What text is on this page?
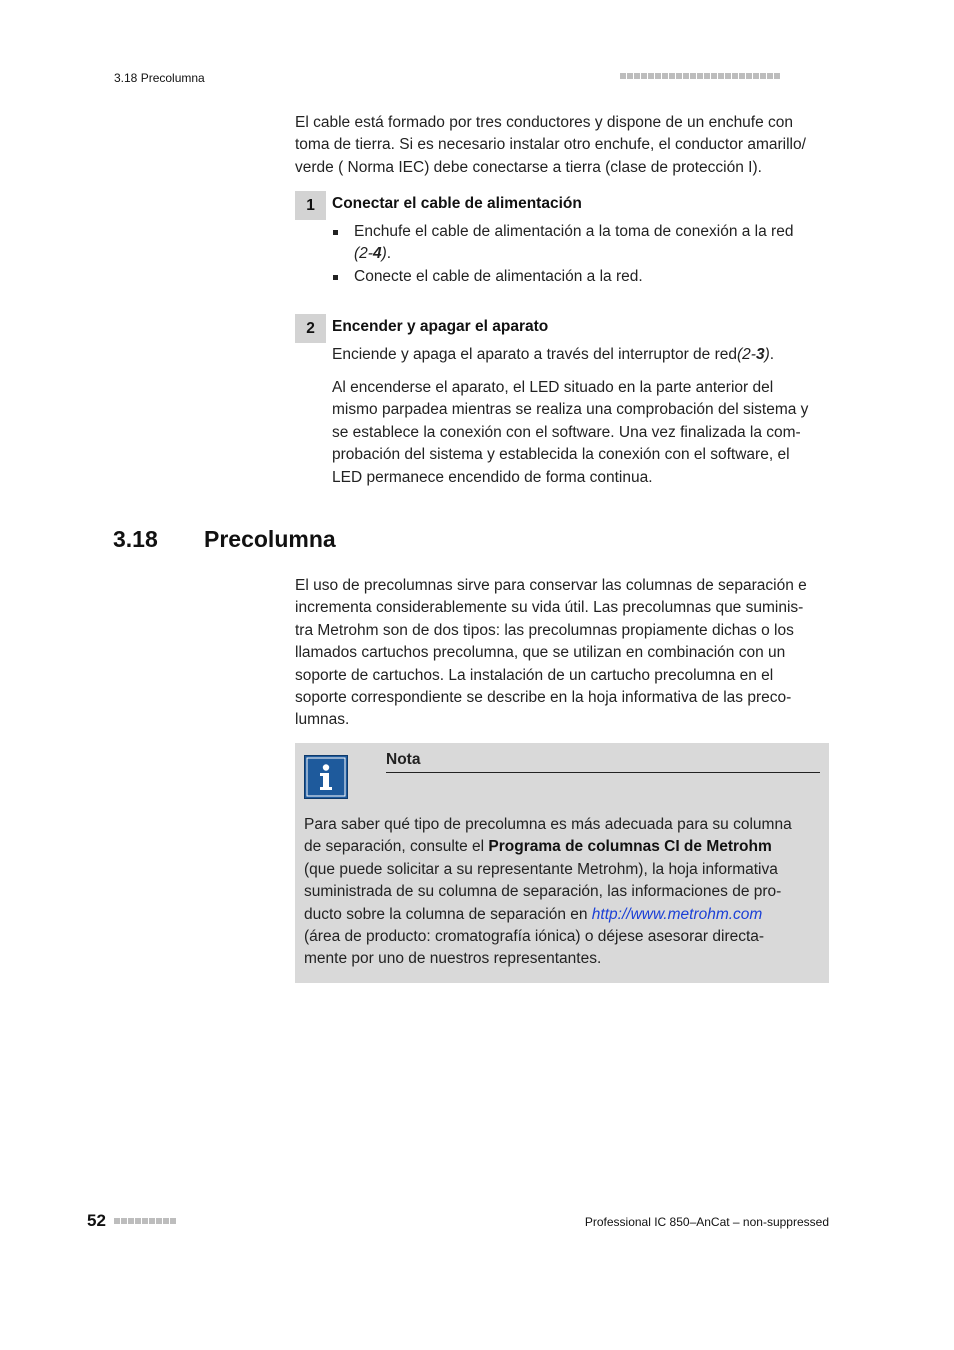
3.18 Precolumna
El cable está formado por tres conductores y dispone de un enchufe con
toma de tierra. Si es necesario instalar otro enchufe, el conductor amarillo/
verde ( Norma IEC) debe conectarse a tierra (clase de protección I).
1	Conectar el cable de alimentación
Enchufe el cable de alimentación a la toma de conexión a la red
(2-4).
Conecte el cable de alimentación a la red.
2	Encender y apagar el aparato
Enciende y apaga el aparato a través del interruptor de red(2-3).
Al encenderse el aparato, el LED situado en la parte anterior del
mismo parpadea mientras se realiza una comprobación del sistema y
se establece la conexión con el software. Una vez finalizada la com-
probación del sistema y establecida la conexión con el software, el
LED permanece encendido de forma continua.
3.18 Precolumna
El uso de precolumnas sirve para conservar las columnas de separación e
incrementa considerablemente su vida útil. Las precolumnas que suminis-
tra Metrohm son de dos tipos: las precolumnas propiamente dichas o los
llamados cartuchos precolumna, que se utilizan en combinación con un
soporte de cartuchos. La instalación de un cartucho precolumna en el
soporte correspondiente se describe en la hoja informativa de las preco-
lumnas.
Nota
Para saber qué tipo de precolumna es más adecuada para su columna
de separación, consulte el Programa de columnas CI de Metrohm
(que puede solicitar a su representante Metrohm), la hoja informativa
suministrada de su columna de separación, las informaciones de pro-
ducto sobre la columna de separación en http://www.metrohm.com
(área de producto: cromatografía iónica) o déjese asesorar directa-
mente por uno de nuestros representantes.
52	Professional IC 850–AnCat – non-suppressed
